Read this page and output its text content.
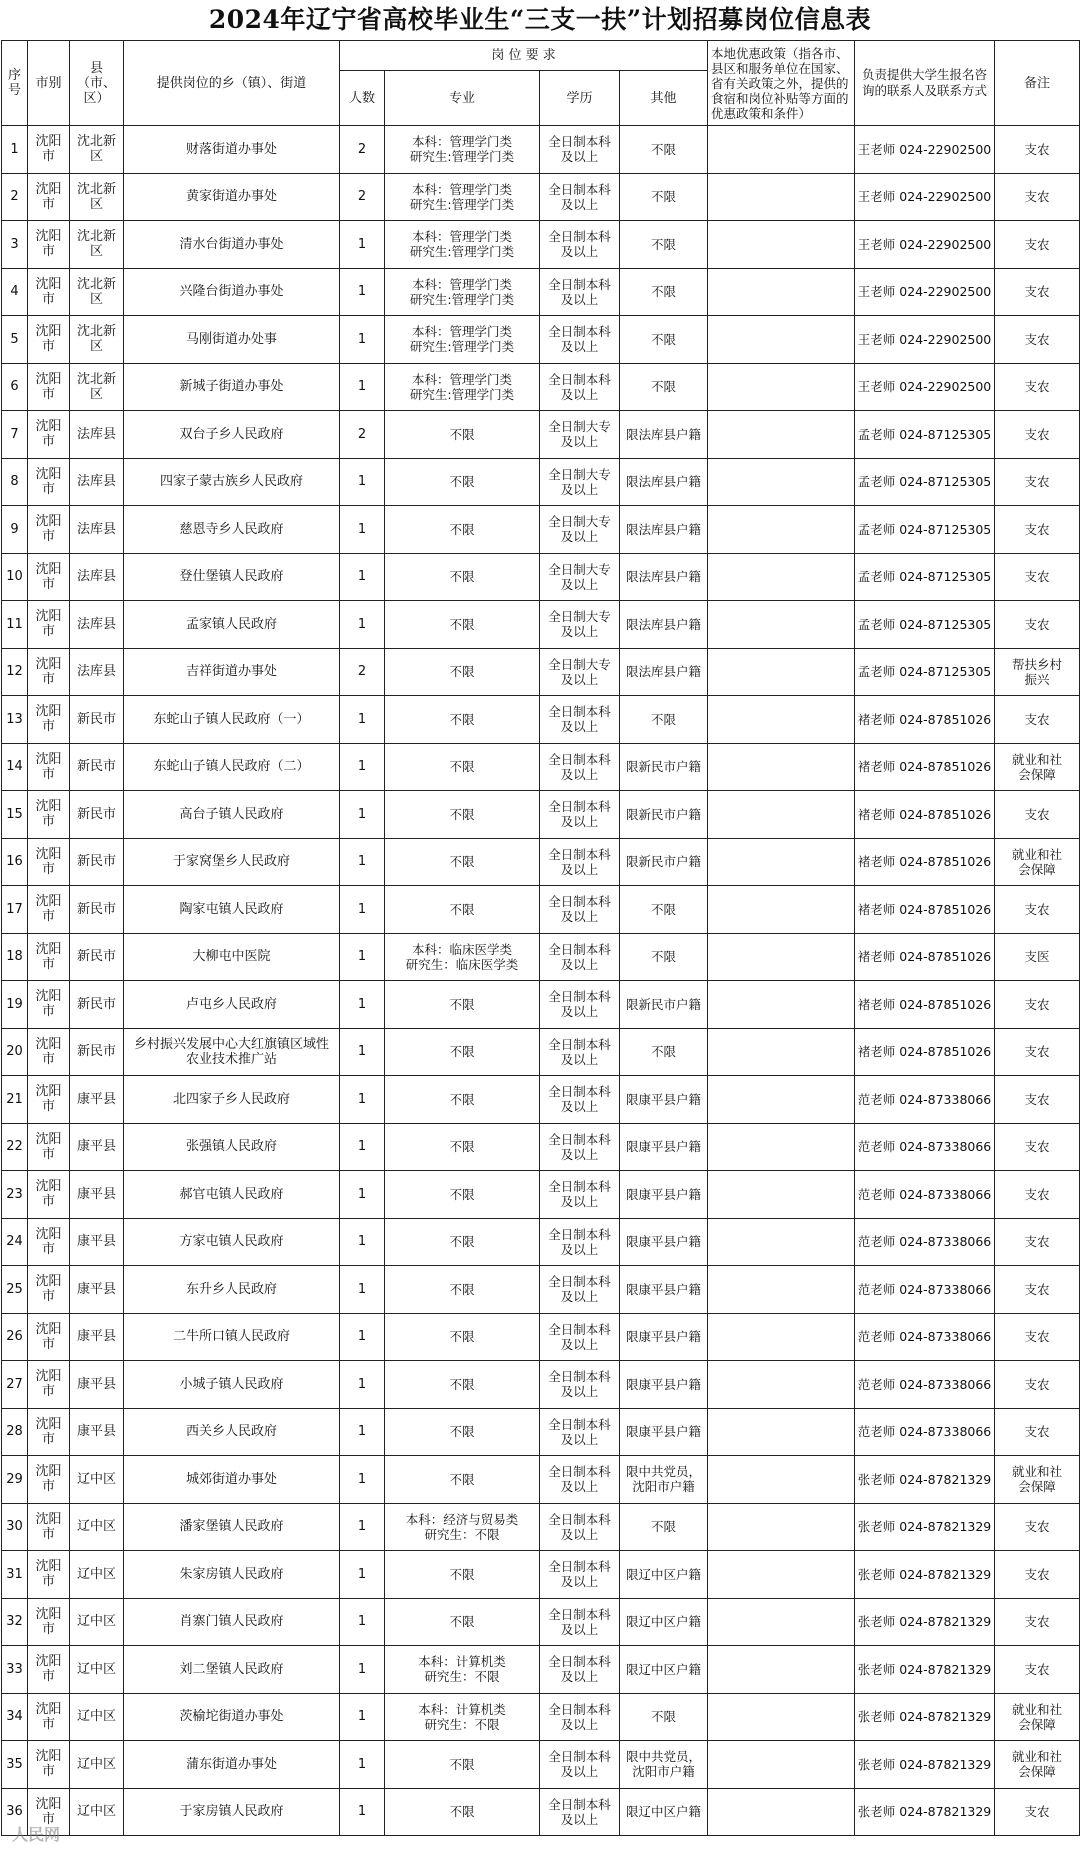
2024年辽宁省高校毕业生“三支一扶”计划招募岗位信息表
序号	市别	县（市、区）	提供岗位的乡（镇）、街道	岗 位 要 求				本地优惠政策（指各市、县区和服务单位在国家、省有关政策之外，提供的食宿和岗位补贴等方面的优惠政策和条件）	负责提供大学生报名咨询的联系人及联系方式	备注
				人数	专业	学历	其他			
1	沈阳市	沈北新区	财落街道办事处	2	本科：管理学门类
研究生:管理学门类	全日制本科
及以上	不限		王老师 024-22902500	支农
2	沈阳市	沈北新区	黄家街道办事处	2	本科：管理学门类
研究生:管理学门类	全日制本科
及以上	不限		王老师 024-22902500	支农
3	沈阳市	沈北新区	清水台街道办事处	1	本科：管理学门类
研究生:管理学门类	全日制本科
及以上	不限		王老师 024-22902500	支农
4	沈阳市	沈北新区	兴隆台街道办事处	1	本科：管理学门类
研究生:管理学门类	全日制本科
及以上	不限		王老师 024-22902500	支农
5	沈阳市	沈北新区	马刚街道办处事	1	本科：管理学门类
研究生:管理学门类	全日制本科
及以上	不限		王老师 024-22902500	支农
6	沈阳市	沈北新区	新城子街道办事处	1	本科：管理学门类
研究生:管理学门类	全日制本科
及以上	不限		王老师 024-22902500	支农
7	沈阳市	法库县	双台子乡人民政府	2	不限	全日制大专
及以上	限法库县户籍		孟老师 024-87125305	支农
8	沈阳市	法库县	四家子蒙古族乡人民政府	1	不限	全日制大专
及以上	限法库县户籍		孟老师 024-87125305	支农
9	沈阳市	法库县	慈恩寺乡人民政府	1	不限	全日制大专
及以上	限法库县户籍		孟老师 024-87125305	支农
10	沈阳市	法库县	登仕堡镇人民政府	1	不限	全日制大专
及以上	限法库县户籍		孟老师 024-87125305	支农
11	沈阳市	法库县	孟家镇人民政府	1	不限	全日制大专
及以上	限法库县户籍		孟老师 024-87125305	支农
12	沈阳市	法库县	吉祥街道办事处	2	不限	全日制大专
及以上	限法库县户籍		孟老师 024-87125305	帮扶乡村
振兴
13	沈阳市	新民市	东蛇山子镇人民政府（一）	1	不限	全日制本科
及以上	不限		褚老师 024-87851026	支农
14	沈阳市	新民市	东蛇山子镇人民政府（二）	1	不限	全日制本科
及以上	限新民市户籍		褚老师 024-87851026	就业和社
会保障
15	沈阳市	新民市	高台子镇人民政府	1	不限	全日制本科
及以上	限新民市户籍		褚老师 024-87851026	支农
16	沈阳市	新民市	于家窝堡乡人民政府	1	不限	全日制本科
及以上	限新民市户籍		褚老师 024-87851026	就业和社
会保障
17	沈阳市	新民市	陶家屯镇人民政府	1	不限	全日制本科
及以上	不限		褚老师 024-87851026	支农
18	沈阳市	新民市	大柳屯中医院	1	本科：临床医学类
研究生：临床医学类	全日制本科
及以上	不限		褚老师 024-87851026	支医
19	沈阳市	新民市	卢屯乡人民政府	1	不限	全日制本科
及以上	限新民市户籍		褚老师 024-87851026	支农
20	沈阳市	新民市	乡村振兴发展中心大红旗镇区域性
农业技术推广站	1	不限	全日制本科
及以上	不限		褚老师 024-87851026	支农
21	沈阳市	康平县	北四家子乡人民政府	1	不限	全日制本科
及以上	限康平县户籍		范老师 024-87338066	支农
22	沈阳市	康平县	张强镇人民政府	1	不限	全日制本科
及以上	限康平县户籍		范老师 024-87338066	支农
23	沈阳市	康平县	郝官屯镇人民政府	1	不限	全日制本科
及以上	限康平县户籍		范老师 024-87338066	支农
24	沈阳市	康平县	方家屯镇人民政府	1	不限	全日制本科
及以上	限康平县户籍		范老师 024-87338066	支农
25	沈阳市	康平县	东升乡人民政府	1	不限	全日制本科
及以上	限康平县户籍		范老师 024-87338066	支农
26	沈阳市	康平县	二牛所口镇人民政府	1	不限	全日制本科
及以上	限康平县户籍		范老师 024-87338066	支农
27	沈阳市	康平县	小城子镇人民政府	1	不限	全日制本科
及以上	限康平县户籍		范老师 024-87338066	支农
28	沈阳市	康平县	西关乡人民政府	1	不限	全日制本科
及以上	限康平县户籍		范老师 024-87338066	支农
29	沈阳市	辽中区	城郊街道办事处	1	不限	全日制本科
及以上	限中共党员，
沈阳市户籍		张老师 024-87821329	就业和社
会保障
30	沈阳市	辽中区	潘家堡镇人民政府	1	本科：经济与贸易类
研究生：不限	全日制本科
及以上	不限		张老师 024-87821329	支农
31	沈阳市	辽中区	朱家房镇人民政府	1	不限	全日制本科
及以上	限辽中区户籍		张老师 024-87821329	支农
32	沈阳市	辽中区	肖寨门镇人民政府	1	不限	全日制本科
及以上	限辽中区户籍		张老师 024-87821329	支农
33	沈阳市	辽中区	刘二堡镇人民政府	1	本科：计算机类
研究生：不限	全日制本科
及以上	限辽中区户籍		张老师 024-87821329	支农
34	沈阳市	辽中区	茨榆坨街道办事处	1	本科：计算机类
研究生：不限	全日制本科
及以上	不限		张老师 024-87821329	就业和社
会保障
35	沈阳市	辽中区	蒲东街道办事处	1	不限	全日制本科
及以上	限中共党员，
沈阳市户籍		张老师 024-87821329	就业和社
会保障
36	沈阳市	辽中区	于家房镇人民政府	1	不限	全日制本科
及以上	限辽中区户籍		张老师 024-87821329	支农
人民网
